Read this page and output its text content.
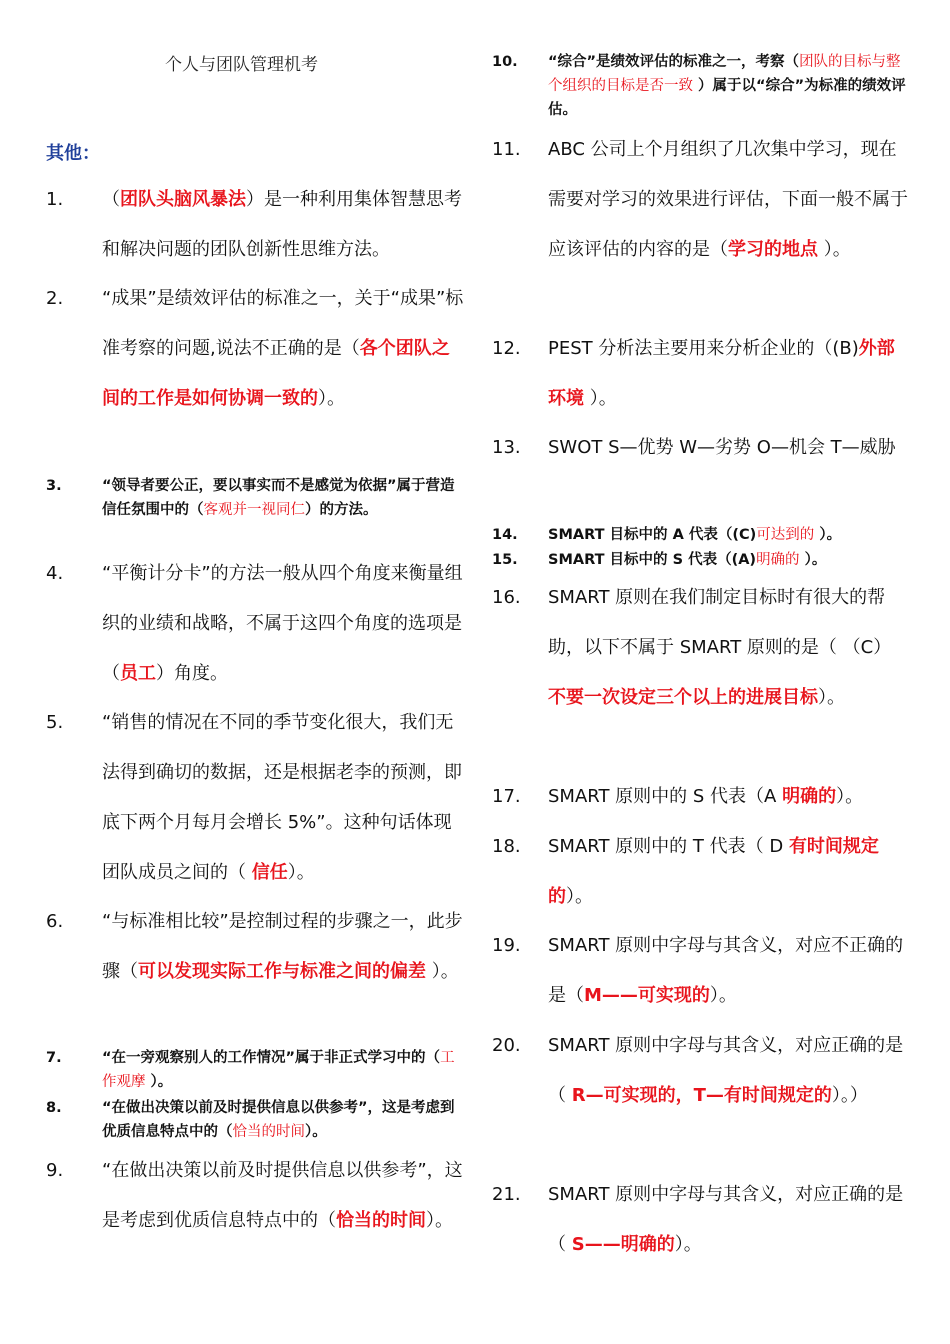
个人与团队管理机考
其他：
1. （团队头脑风暴法）是一种利用集体智慧思考和解决问题的团队创新性思维方法。
2. “成果”是绩效评估的标准之一，关于“成果”标准考察的问题,说法不正确的是（各个团队之间的工作是如何协调一致的）。
3.	“领导者要公正，要以事实而不是感觉为依据”属于营造信任氛围中的（客观并一视同仁）的方法。
4. “平衡计分卡”的方法一般从四个角度来衡量组织的业绩和战略，不属于这四个角度的选项是（员工）角度。
5. “销售的情况在不同的季节变化很大，我们无法得到确切的数据，还是根据老李的预测，即底下两个月每月会增长 5%”。这种句话体现团队成员之间的（ 信任）。
6. “与标准相比较”是控制过程的步骤之一，此步骤（可以发现实际工作与标准之间的偏差 ）。
7.	“在一旁观察别人的工作情况”属于非正式学习中的（工作观摩 ）。
8.	“在做出决策以前及时提供信息以供参考”，这是考虑到优质信息特点中的（恰当的时间）。
9. “在做出决策以前及时提供信息以供参考”，这是考虑到优质信息特点中的（恰当的时间）。
10. “综合”是绩效评估的标准之一，考察（团队的目标与整个组织的目标是否一致 ）属于以“综合”为标准的绩效评估。
11. ABC 公司上个月组织了几次集中学习，现在需要对学习的效果进行评估，下面一般不属于应该评估的内容的是（学习的地点 ）。
12. PEST 分析法主要用来分析企业的（(B)外部环境 ）。
13. SWOT S—优势 W—劣势 O—机会 T—威胁
14. SMART 目标中的 A 代表（(C)可达到的 ）。
15. SMART 目标中的 S 代表（(A)明确的 ）。
16. SMART 原则在我们制定目标时有很大的帮助，以下不属于 SMART 原则的是（ （C）不要一次设定三个以上的进展目标）。
17. SMART 原则中的 S 代表（A 明确的）。
18. SMART 原则中的 T 代表（ D 有时间规定的）。
19. SMART 原则中字母与其含义，对应不正确的是（M——可实现的）。
20. SMART 原则中字母与其含义，对应正确的是（ R—可实现的，T—有时间规定的）。）
21. SMART 原则中字母与其含义，对应正确的是（ S——明确的）。
